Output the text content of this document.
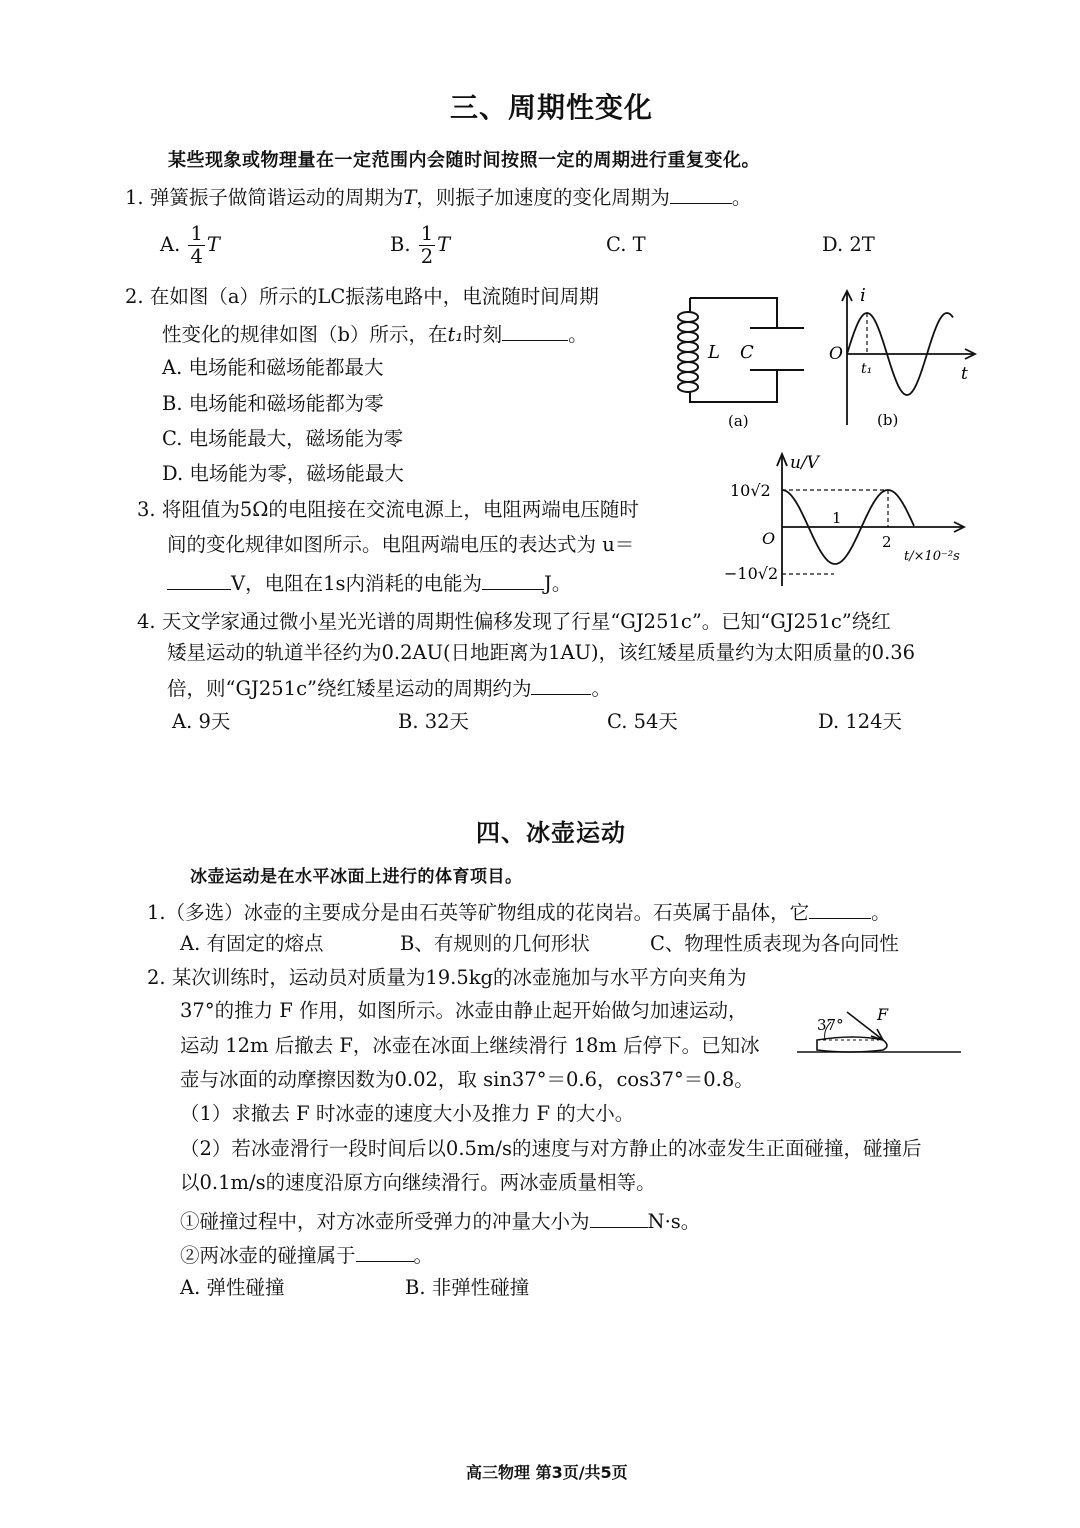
三、周期性变化
某些现象或物理量在一定范围内会随时间按照一定的周期进行重复变化。
1. 弹簧振子做简谐运动的周期为T，则振子加速度的变化周期为	。
A. $\frac{1}{4}$ T	B. $\frac{1}{2}$ T	C. T	D. 2T
2. 在如图（a）所示的LC振荡电路中，电流随时间周期
性变化的规律如图（b）所示，在t₁时刻	。
A. 电场能和磁场能都最大
B. 电场能和磁场能都为零
C. 电场能最大，磁场能为零
D. 电场能为零，磁场能最大
L C
(a)
i
O
t₁	t
(b)
3. 将阻值为5Ω的电阻接在交流电源上，电阻两端电压随时
间的变化规律如图所示。电阻两端电压的表达式为 u＝
V，电阻在1s内消耗的电能为	J。
u/V
10√2
−10√2
O
1
2
t/×10⁻²s
4. 天文学家通过微小星光光谱的周期性偏移发现了行星“GJ251c”。已知“GJ251c”绕红
矮星运动的轨道半径约为0.2AU(日地距离为1AU)，该红矮星质量约为太阳质量的0.36
倍，则“GJ251c”绕红矮星运动的周期约为	。
A. 9天	B. 32天	C. 54天	D. 124天
四、冰壶运动
冰壶运动是在水平冰面上进行的体育项目。
1.（多选）冰壶的主要成分是由石英等矿物组成的花岗岩。石英属于晶体，它	。
A. 有固定的熔点	B、有规则的几何形状	C、物理性质表现为各向同性
2. 某次训练时，运动员对质量为19.5kg的冰壶施加与水平方向夹角为
37°的推力 F 作用，如图所示。冰壶由静止起开始做匀加速运动，
运动 12m 后撤去 F，冰壶在冰面上继续滑行 18m 后停下。已知冰
壶与冰面的动摩擦因数为0.02，取 sin37°＝0.6，cos37°＝0.8。
（1）求撤去 F 时冰壶的速度大小及推力 F 的大小。
（2）若冰壶滑行一段时间后以0.5m/s的速度与对方静止的冰壶发生正面碰撞，碰撞后
以0.1m/s的速度沿原方向继续滑行。两冰壶质量相等。
①碰撞过程中，对方冰壶所受弹力的冲量大小为	N·s。
②两冰壶的碰撞属于	。
A. 弹性碰撞	B. 非弹性碰撞
37°
F
高三物理 第3页/共5页
